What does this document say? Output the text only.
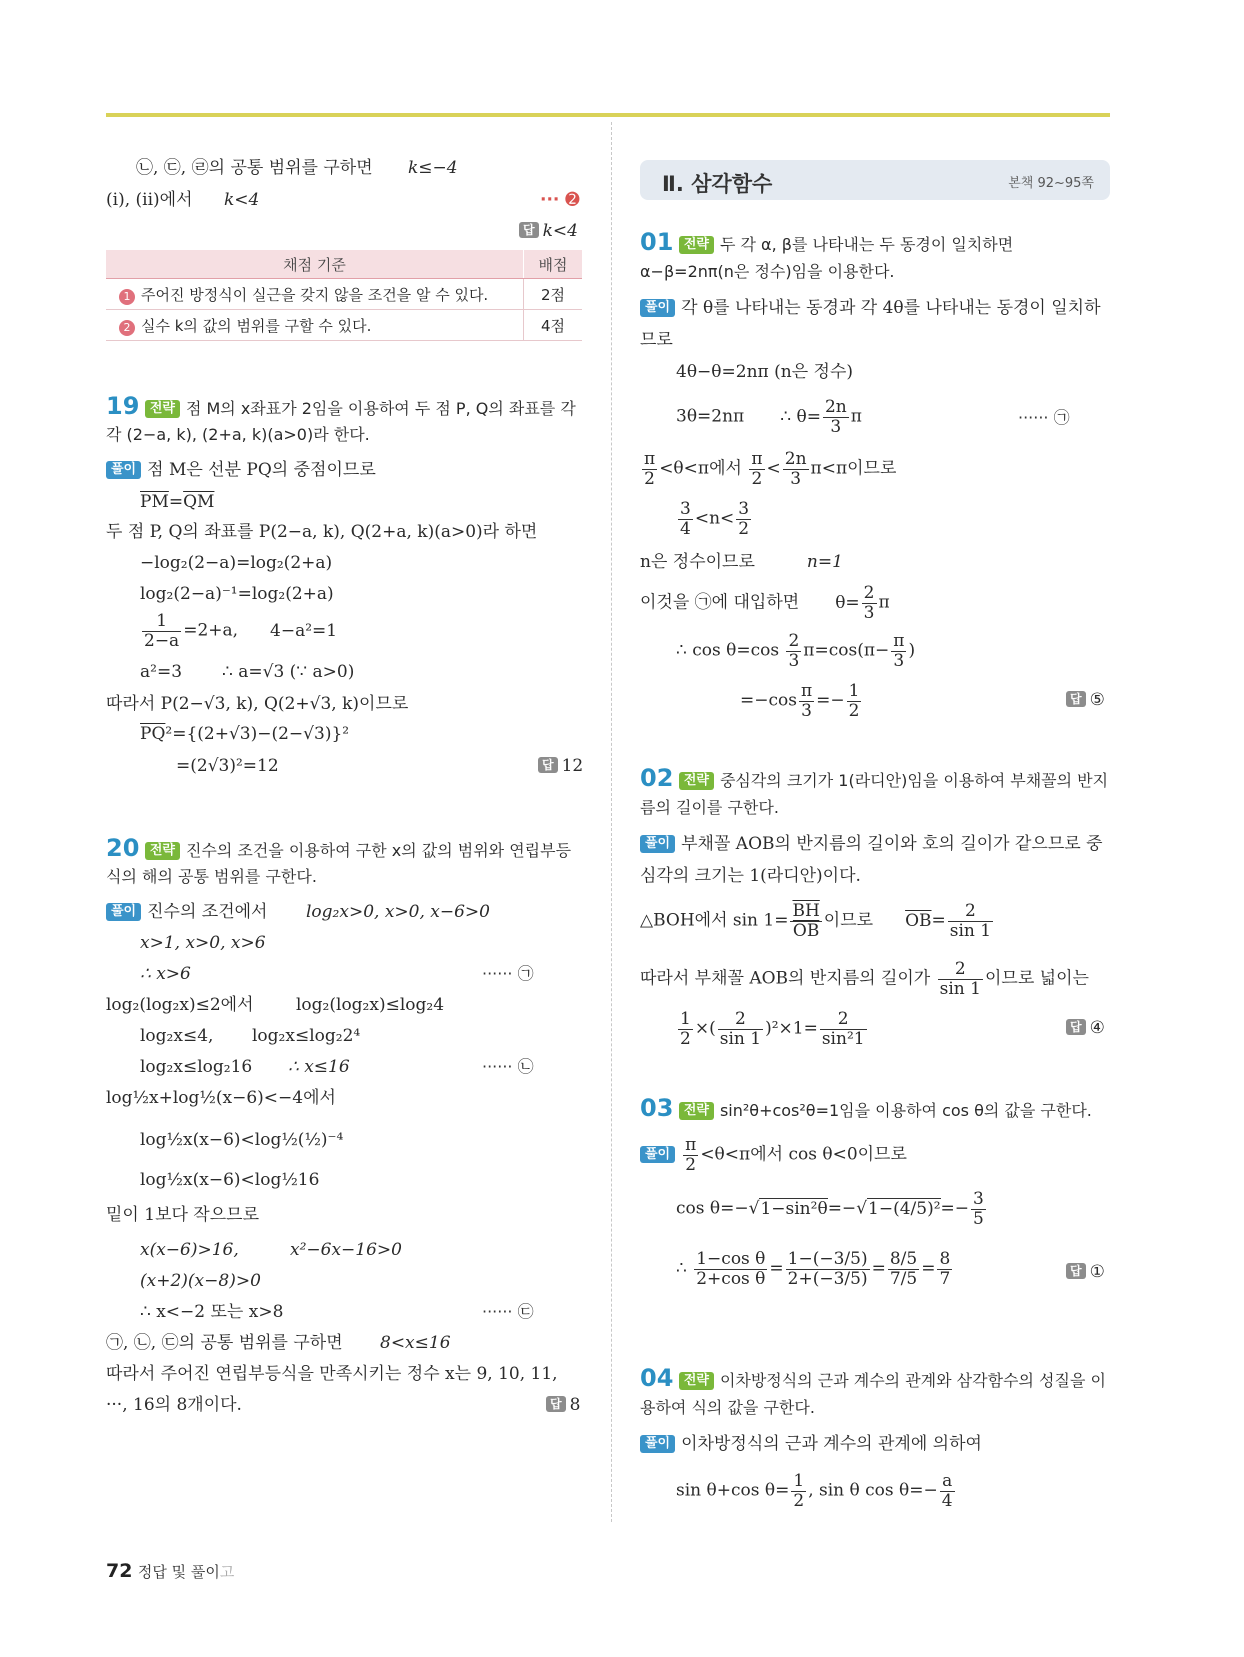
㉡, ㉢, ㉣의 공통 범위를 구하면 k≤−4
(i), (ii)에서 k<4	··· ➋
답 k<4
채점 기준	배점
1 주어진 방정식이 실근을 갖지 않을 조건을 알 수 있다.	2점
2 실수 k의 값의 범위를 구할 수 있다.	4점
19 전략 점 M의 x좌표가 2임을 이용하여 두 점 P, Q의 좌표를 각
각 (2−a, k), (2+a, k)(a>0)라 한다.
풀이 점 M은 선분 PQ의 중점이므로
$\overline{PM}=\overline{QM}$
두 점 P, Q의 좌표를 P(2−a, k), Q(2+a, k)(a>0)라 하면
−log₂(2−a)=log₂(2+a)
log₂(2−a)⁻¹=log₂(2+a)
$\frac{1}{2-a} =2+a$, 4−a²=1
a²=3 ∴ a=√3 (∵ a>0)
따라서 P(2−√3, k), Q(2+√3, k)이므로
$\overline{PQ}^2=\{(2+√3)-(2-√3)\}^2$
=(2√3)²=12	답 12
20 전략 진수의 조건을 이용하여 구한 x의 값의 범위와 연립부등
식의 해의 공통 범위를 구한다.
풀이 진수의 조건에서 log₂x>0, x>0, x−6>0
x>1, x>0, x>6
∴ x>6	······ ㉠
log₂(log₂x)≤2에서	log₂(log₂x)≤log₂4
log₂x≤4, log₂x≤log₂2⁴
log₂x≤log₂16 ∴ x≤16	······ ㉡
log½x+log½(x−6)<−4에서
log½x(x−6)<log½(½)⁻⁴
log½x(x−6)<log½16
밑이 1보다 작으므로
x(x−6)>16,	x²−6x−16>0
(x+2)(x−8)>0
∴ x<−2 또는 x>8	······ ㉢
㉠, ㉡, ㉢의 공통 범위를 구하면 8<x≤16
따라서 주어진 연립부등식을 만족시키는 정수 x는 9, 10, 11,
···, 16의 8개이다.	답 8
Ⅱ. 삼각함수	본책 92~95쪽
01 전략 두 각 α, β를 나타내는 두 동경이 일치하면
α−β=2nπ(n은 정수)임을 이용한다.
풀이 각 θ를 나타내는 동경과 각 4θ를 나타내는 동경이 일치하
므로
4θ−θ=2nπ (n은 정수)
3θ=2nπ ∴ $\theta= \frac{2n}{3}$ π	······ ㉠
$\frac{\pi}{2} <\theta<\pi$에서 $\frac{\pi}{2} < \frac{2n}{3} \pi<\pi$이므로
$\frac{3}{4} <n< \frac{3}{2}$
n은 정수이므로	n=1
이것을 ㉠에 대입하면 $\theta= \frac{2}{3}$ π
∴ $\cos \theta=\cos \frac{2}{3} \pi=\cos(\pi- \frac{\pi}{3}$ )
$=-\cos \frac{\pi}{3} =- \frac{1}{2}$	답 ⑤
02 전략 중심각의 크기가 1(라디안)임을 이용하여 부채꼴의 반지
름의 길이를 구한다.
풀이 부채꼴 AOB의 반지름의 길이와 호의 길이가 같으므로 중
심각의 크기는 1(라디안)이다.
△BOH에서 $\sin 1= \frac{\overline{BH}}{OB}$ 이므로 $\overline{OB}= \frac{2}{\sin 1}$
따라서 부채꼴 AOB의 반지름의 길이가 $\frac{2}{\sin 1}$ 이므로 넓이는
$\frac{1}{2}$ ×( $\frac{2}{\sin 1} )^2\times 1= \frac{2}{\text{sin²1}}$	답 ④
03 전략 sin²θ+cos²θ=1임을 이용하여 cos θ의 값을 구한다.
풀이 $\frac{\pi}{2} <\theta<\pi$에서 cos θ<0이므로
$\cos \theta=-√1-\sin^2\theta=-√1-(4/5)^2=- \frac{3}{5}$
∴ $\frac{\text{1−cos θ}}{\text{2+cos θ}} = \frac{1-(-3/5)}{2+(-3/5)} = \frac{8/5}{7/5} = \frac{8}{7}$	답 ①
04 전략 이차방정식의 근과 계수의 관계와 삼각함수의 성질을 이
용하여 식의 값을 구한다.
풀이 이차방정식의 근과 계수의 관계에 의하여
sin θ+cos $\theta= \frac{1}{2}$ , sin θ $\cos \theta=- \frac{a}{4}$
72 정답 및 풀이고
